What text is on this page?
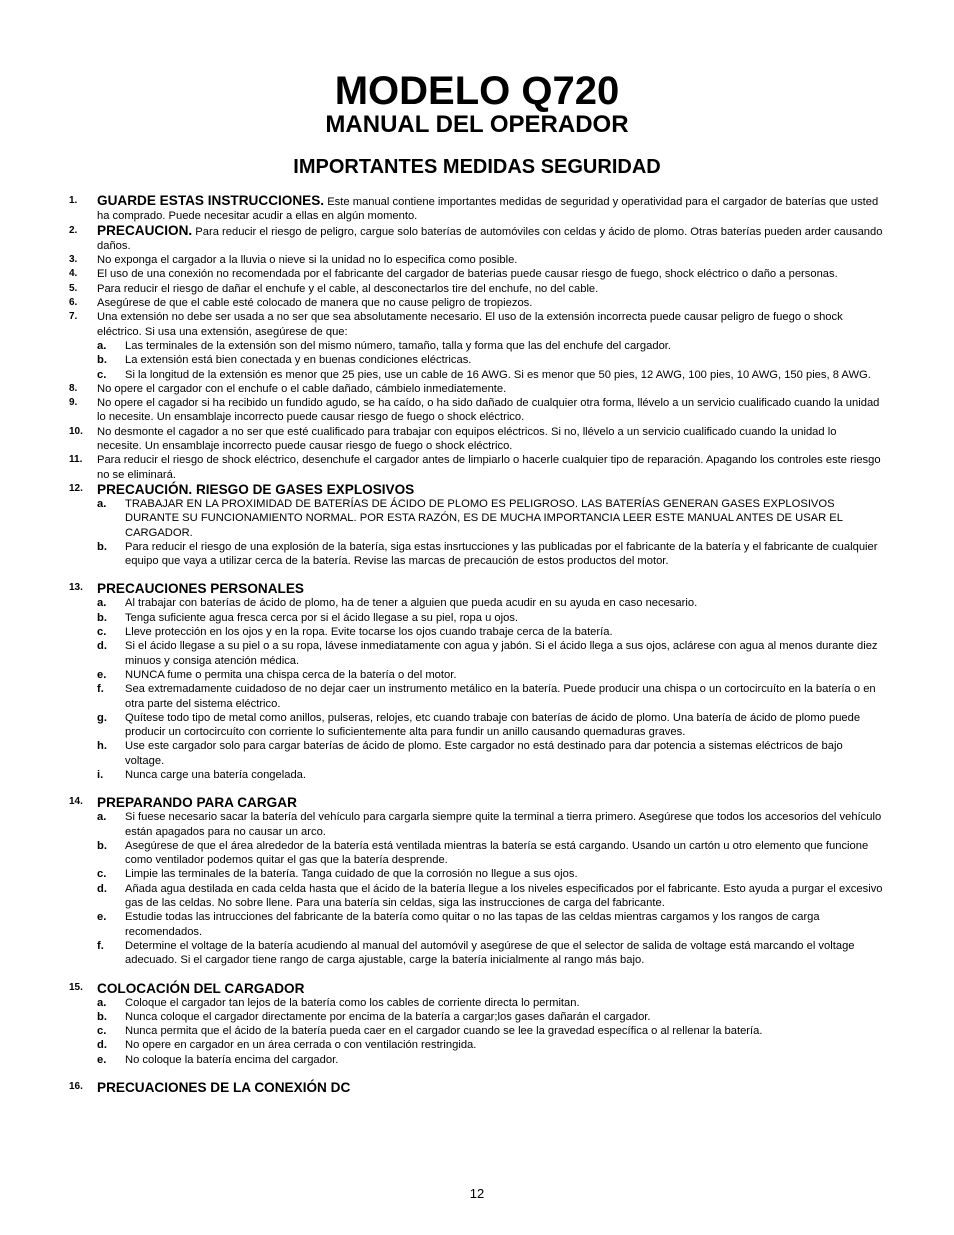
MODELO Q720
MANUAL DEL OPERADOR
IMPORTANTES MEDIDAS SEGURIDAD
1. GUARDE ESTAS INSTRUCCIONES. Este manual contiene importantes medidas de seguridad y operatividad para el cargador de baterías que usted ha comprado. Puede necesitar acudir a ellas en algún momento.
2. PRECAUCION. Para reducir el riesgo de peligro, cargue solo baterías de automóviles con celdas y ácido de plomo. Otras baterías pueden arder causando daños.
3. No exponga el cargador a la lluvia o nieve si la unidad no lo especifica como posible.
4. El uso de una conexión no recomendada por el fabricante del cargador de baterias puede causar riesgo de fuego, shock eléctrico o daño a personas.
5. Para reducir el riesgo de dañar el enchufe y el cable, al desconectarlos tire del enchufe, no del cable.
6. Asegúrese de que el cable esté colocado de manera que no cause peligro de tropiezos.
7. Una extensión no debe ser usada a no ser que sea absolutamente necesario. El uso de la extensión incorrecta puede causar peligro de fuego o shock eléctrico. Si usa una extensión, asegúrese de que:
a. Las terminales de la extensión son del mismo número, tamaño, talla y forma que las del enchufe del cargador.
b. La extensión está bien conectada y en buenas condiciones eléctricas.
c. Si la longitud de la extensión es menor que 25 pies, use un cable de 16 AWG. Si es menor que 50 pies, 12 AWG, 100 pies, 10 AWG, 150 pies, 8 AWG.
8. No opere el cargador con el enchufe o el cable dañado, cámbielo inmediatemente.
9. No opere el cagador si ha recibido un fundido agudo, se ha caído, o ha sido dañado de cualquier otra forma, llévelo a un servicio cualificado cuando la unidad lo necesite. Un ensamblaje incorrecto puede causar riesgo de fuego o shock eléctrico.
10. No desmonte el cagador a no ser que esté cualificado para trabajar con equipos eléctricos. Si no, llévelo a un servicio cualificado cuando la unidad lo necesite. Un ensamblaje incorrecto puede causar riesgo de fuego o shock eléctrico.
11. Para reducir el riesgo de shock eléctrico, desenchufe el cargador antes de limpiarlo o hacerle cualquier tipo de reparación. Apagando los controles este riesgo no se eliminará.
12. PRECAUCIÓN. RIESGO DE GASES EXPLOSIVOS
a. TRABAJAR EN LA PROXIMIDAD DE BATERÍAS DE ÁCIDO DE PLOMO ES PELIGROSO. LAS BATERÍAS GENERAN GASES EXPLOSIVOS DURANTE SU FUNCIONAMIENTO NORMAL. POR ESTA RAZÓN, ES DE MUCHA IMPORTANCIA LEER ESTE MANUAL ANTES DE USAR EL CARGADOR.
b. Para reducir el riesgo de una explosión de la batería, siga estas insrtucciones y las publicadas por el fabricante de la batería y el fabricante de cualquier equipo que vaya a utilizar cerca de la batería. Revise las marcas de precaución de estos productos del motor.
13. PRECAUCIONES PERSONALES
a. Al trabajar con baterías de ácido de plomo, ha de tener a alguien que pueda acudir en su ayuda en caso necesario.
b. Tenga suficiente agua fresca cerca por si el ácido llegase a su piel, ropa u ojos.
c. Lleve protección en los ojos y en la ropa. Evite tocarse los ojos cuando trabaje cerca de la batería.
d. Si el ácido llegase a su piel o a su ropa, lávese inmediatamente con agua y jabón. Si el ácido llega a sus ojos, aclárese con agua al menos durante diez minuos y consiga atención médica.
e. NUNCA fume o permita una chispa cerca de la batería o del motor.
f. Sea extremadamente cuidadoso de no dejar caer un instrumento metálico en la batería. Puede producir una chispa o un cortocircuíto en la batería o en otra parte del sistema eléctrico.
g. Quítese todo tipo de metal como anillos, pulseras, relojes, etc cuando trabaje con baterías de ácido de plomo. Una batería de ácido de plomo puede producir un cortocircuíto con corriente lo suficientemente alta para fundir un anillo causando quemaduras graves.
h. Use este cargador solo para cargar baterías de ácido de plomo. Este cargador no está destinado para dar potencia a sistemas eléctricos de bajo voltage.
i. Nunca carge una batería congelada.
14. PREPARANDO PARA CARGAR
a. Si fuese necesario sacar la batería del vehículo para cargarla siempre quite la terminal a tierra primero. Asegúrese que todos los accesorios del vehículo están apagados para no causar un arco.
b. Asegúrese de que el área alrededor de la batería está ventilada mientras la batería se está cargando. Usando un cartón u otro elemento que funcione como ventilador podemos quitar el gas que la batería desprende.
c. Limpie las terminales de la batería. Tanga cuidado de que la corrosión no llegue a sus ojos.
d. Añada agua destilada en cada celda hasta que el ácido de la batería llegue a los niveles especificados por el fabricante. Esto ayuda a purgar el excesivo gas de las celdas. No sobre llene. Para una batería sin celdas, siga las instrucciones de carga del fabricante.
e. Estudie todas las intrucciones del fabricante de la batería como quitar o no las tapas de las celdas mientras cargamos y los rangos de carga recomendados.
f. Determine el voltage de la batería acudiendo al manual del automóvil y asegúrese de que el selector de salida de voltage está marcando el voltage adecuado. Si el cargador tiene rango de carga ajustable, carge la batería inicialmente al rango más bajo.
15. COLOCACIÓN DEL CARGADOR
a. Coloque el cargador tan lejos de la batería como los cables de corriente directa lo permitan.
b. Nunca coloque el cargador directamente por encima de la batería a cargar;los gases dañarán el cargador.
c. Nunca permita que el ácido de la batería pueda caer en el cargador cuando se lee la gravedad específica o al rellenar la batería.
d. No opere en cargador en un área cerrada o con ventilación restringida.
e. No coloque la batería encima del cargador.
16. PRECUACIONES DE LA CONEXIÓN DC
12
